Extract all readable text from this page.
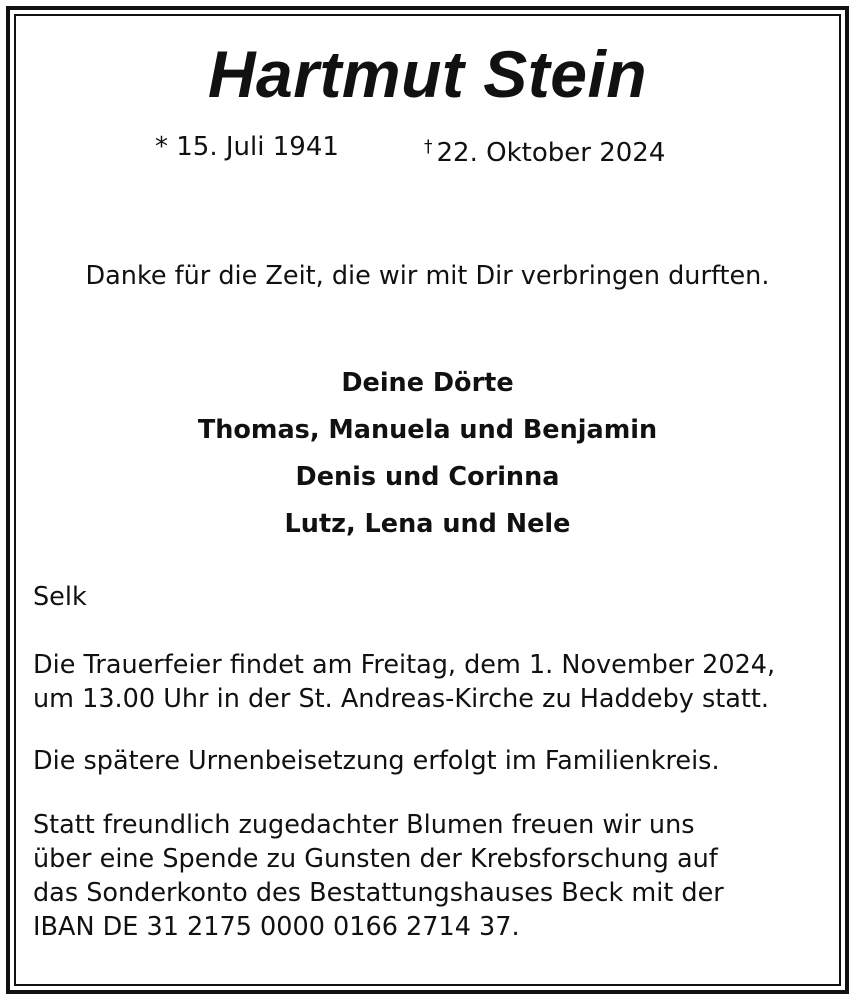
Hartmut Stein
* 15. Juli 1941	† 22. Oktober 2024
Danke für die Zeit, die wir mit Dir verbringen durften.
Deine Dörte
Thomas, Manuela und Benjamin
Denis und Corinna
Lutz, Lena und Nele
Selk
Die Trauerfeier findet am Freitag, dem 1. November 2024,
um 13.00 Uhr in der St. Andreas-Kirche zu Haddeby statt.
Die spätere Urnenbeisetzung erfolgt im Familienkreis.
Statt freundlich zugedachter Blumen freuen wir uns
über eine Spende zu Gunsten der Krebsforschung auf
das Sonderkonto des Bestattungshauses Beck mit der
IBAN DE 31 2175 0000 0166 2714 37.
